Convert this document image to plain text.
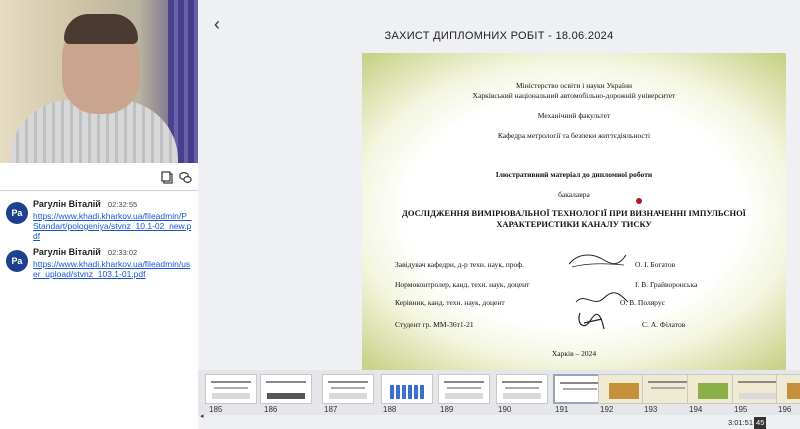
Ра
Рагулін Віталій 02:32:55
https://www.khadi.kharkov.ua/fileadmin/P_Standart/pologeniya/stvnz_10.1-02_new.pdf
Ра
Рагулін Віталій 02:33:02
https://www.khadi.kharkov.ua/fileadmin/user_upload/stvnz_103.1-01.pdf
‹
ЗАХИСТ ДИПЛОМНИХ РОБІТ - 18.06.2024
Міністерство освіти і науки України
Харківський національний автомобільно-дорожній університет
Механічний факультет
Кафедра метрології та безпеки життєдіяльності
Ілюстративний матеріал до дипломної роботи
бакалавра
ДОСЛІДЖЕННЯ ВИМІРЮВАЛЬНОЇ ТЕХНОЛОГІЇ ПРИ ВИЗНАЧЕННІ ІМПУЛЬСНОЇ
ХАРАКТЕРИСТИКИ КАНАЛУ ТИСКУ
Завідувач кафедри, д-р техн. наук, проф.	О. І. Богатов
Нормоконтролер, канд. техн. наук, доцент	І. В. Грайворонська
Керівник, канд. техн. наук, доцент	О. В. Полярус
Студент гр. ММ-36т1-21	С. А. Філатов
Харків – 2024
185	186	187	188	189	190	191	192	193	194	195	196
◂
3:01:51 45
